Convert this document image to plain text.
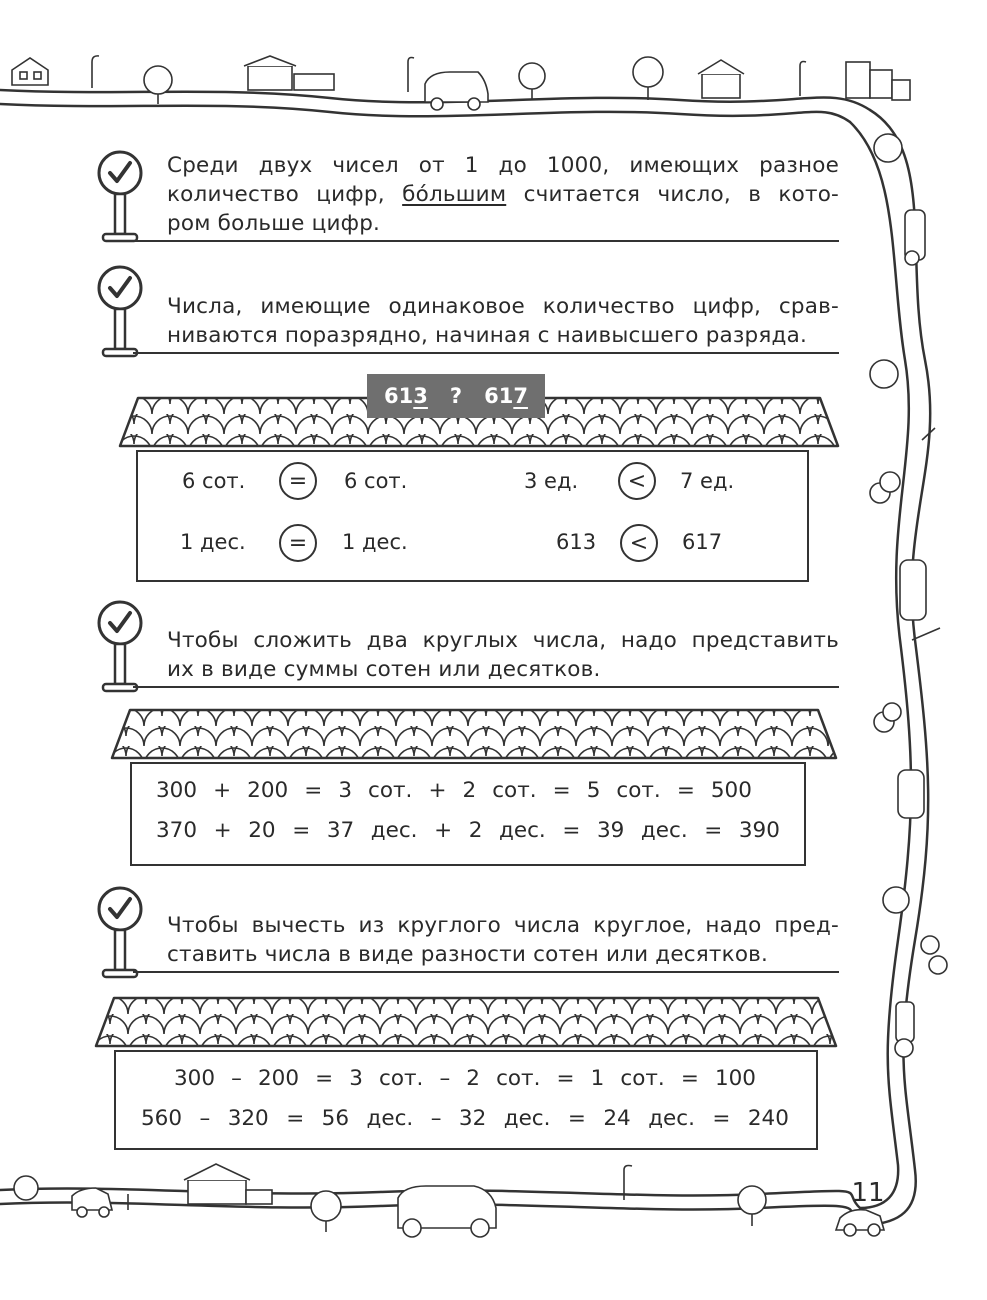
Среди двух чисел от 1 до 1000, имеющих разное
количество цифр, бо́льшим считается число, в кото-
ром больше цифр.
Числа, имеющие одинаковое количество цифр, срав-
ниваются поразрядно, начиная с наивысшего разряда.
613 ? 617
6 сот.	=	6 сот.	3 ед.	<	7 ед.
1 дес.	=	1 дес.	613	<	617
Чтобы сложить два круглых числа, надо представить
их в виде суммы сотен или десятков.
300 + 200 = 3 сот. + 2 сот. = 5 сот. = 500
370 + 20 = 37 дес. + 2 дес. = 39 дес. = 390
Чтобы вычесть из круглого числа круглое, надо пред-
ставить числа в виде разности сотен или десятков.
300 – 200 = 3 сот. – 2 сот. = 1 сот. = 100
560 – 320 = 56 дес. – 32 дес. = 24 дес. = 240
11
